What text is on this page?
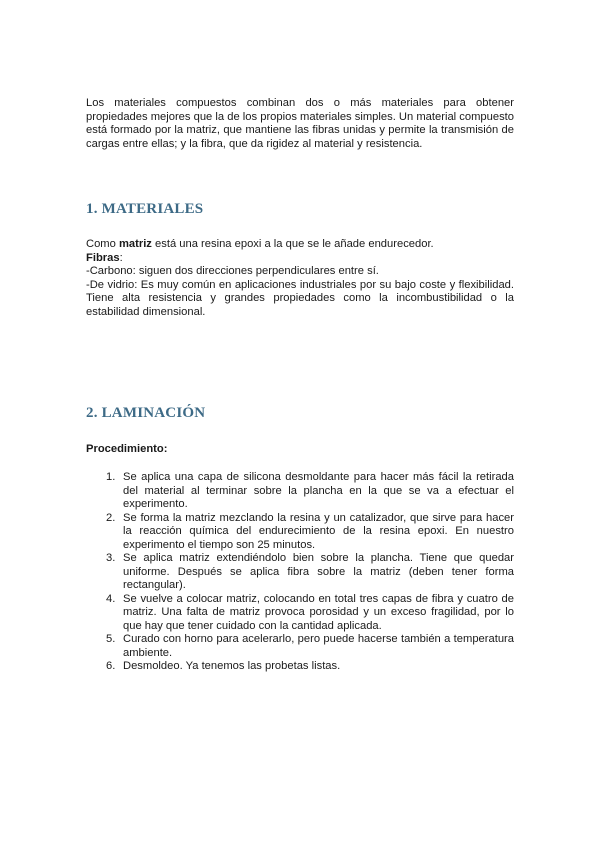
Los materiales compuestos combinan dos o más materiales para obtener propiedades mejores que la de los propios materiales simples. Un material compuesto está formado por la matriz, que mantiene las fibras unidas y permite la transmisión de cargas entre ellas; y la fibra, que da rigidez al material y resistencia.

1. MATERIALES

Como matriz está una resina epoxi a la que se le añade endurecedor.

Fibras:

-Carbono: siguen dos direcciones perpendiculares entre sí.

-De vidrio: Es muy común en aplicaciones industriales por su bajo coste y flexibilidad. Tiene alta resistencia y grandes propiedades como la incombustibilidad o la estabilidad dimensional.

2. LAMINACIÓN

Procedimiento:

1. Se aplica una capa de silicona desmoldante para hacer más fácil la retirada del material al terminar sobre la plancha en la que se va a efectuar el experimento.
2. Se forma la matriz mezclando la resina y un catalizador, que sirve para hacer la reacción química del endurecimiento de la resina epoxi. En nuestro experimento el tiempo son 25 minutos.
3. Se aplica matriz extendiéndolo bien sobre la plancha. Tiene que quedar uniforme. Después se aplica fibra sobre la matriz (deben tener forma rectangular).
4. Se vuelve a colocar matriz, colocando en total tres capas de fibra y cuatro de matriz. Una falta de matriz provoca porosidad y un exceso fragilidad, por lo que hay que tener cuidado con la cantidad aplicada.
5. Curado con horno para acelerarlo, pero puede hacerse también a temperatura ambiente.
6. Desmoldeo. Ya tenemos las probetas listas.
